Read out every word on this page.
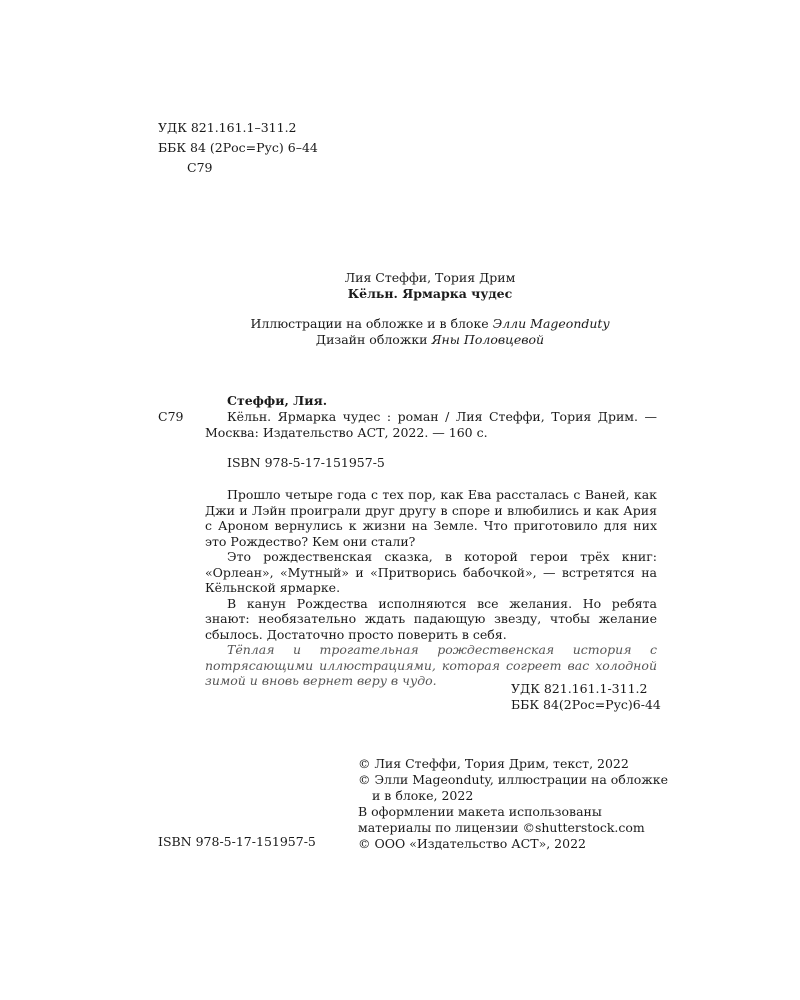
УДК 821.161.1–311.2
ББК 84 (2Рос=Рус) 6–44
С79
Лия Стеффи, Тория Дрим
Кёльн. Ярмарка чудес
Иллюстрации на обложке и в блоке Элли Mageonduty
Дизайн обложки Яны Половцевой
Стеффи, Лия.
С79	Кёльн. Ярмарка чудес : роман / Лия Стеффи, Тория Дрим. — Москва: Издательство АСТ, 2022. — 160 с.
ISBN 978-5-17-151957-5

Прошло четыре года с тех пор, как Ева рассталась с Ваней, как Джи и Лэйн проиграли друг другу в споре и влюбились и как Ария с Ароном вернулись к жизни на Земле. Что приготовило для них это Рождество? Кем они стали?

Это рождественская сказка, в которой герои трёх книг: «Орлеан», «Мутный» и «Притворись бабочкой», — встретятся на Кёльнской ярмарке.

В канун Рождества исполняются все желания. Но ребята знают: необязательно ждать падающую звезду, чтобы желание сбылось. Достаточно просто поверить в себя.

Тёплая и трогательная рождественская история с потрясающими иллюстрациями, которая согреет вас холодной зимой и вновь вернет веру в чудо.

УДК 821.161.1-311.2
ББК 84(2Рос=Рус)6-44
© Лия Стеффи, Тория Дрим, текст, 2022
© Элли Mageonduty, иллюстрации на обложке
и в блоке, 2022
В оформлении макета использованы
материалы по лицензии ©shutterstock.com
© ООО «Издательство АСТ», 2022
ISBN 978-5-17-151957-5
